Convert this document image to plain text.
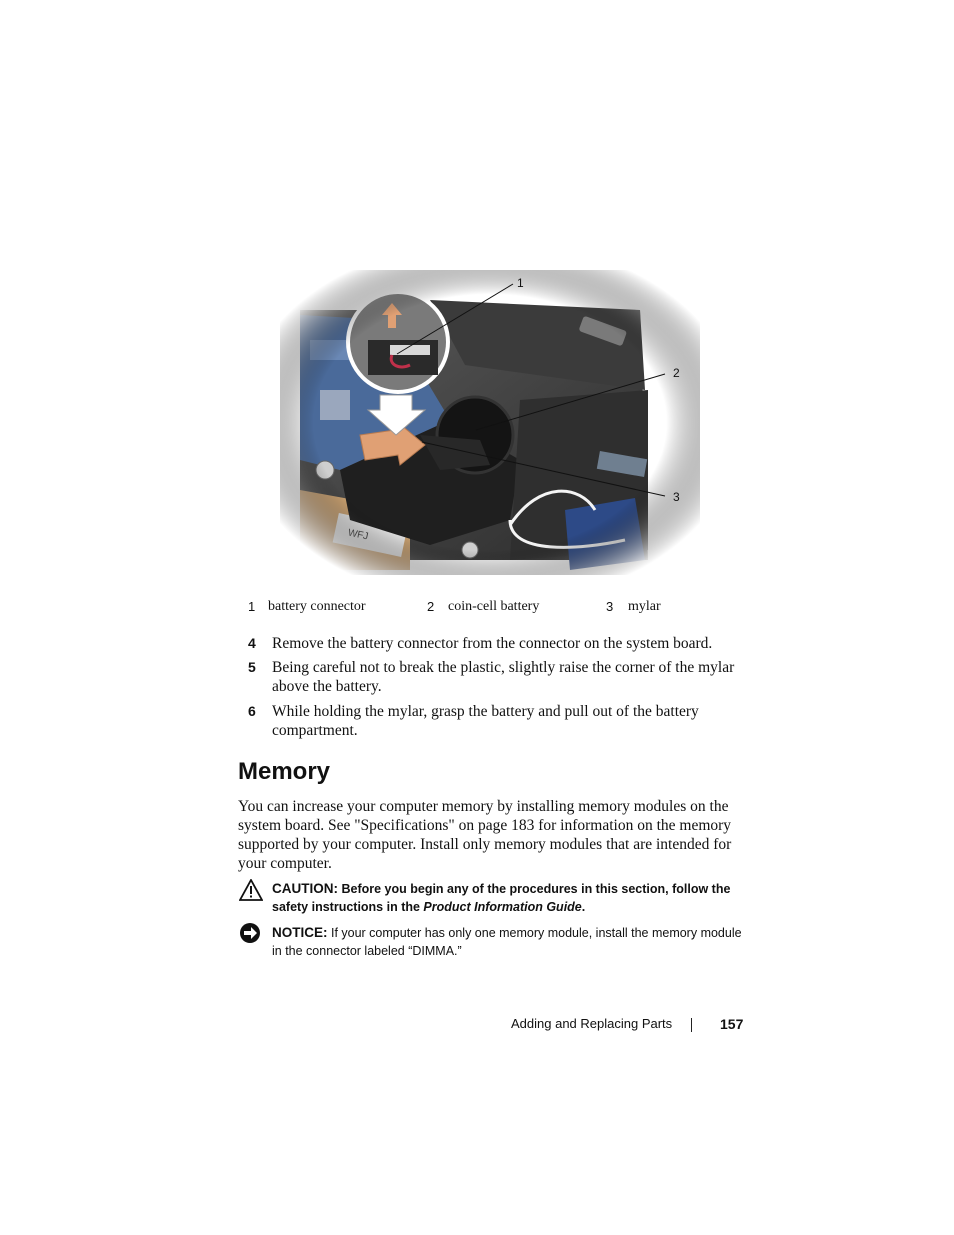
1
2
3
1 battery connector	2 coin-cell battery	3 mylar
4 Remove the battery connector from the connector on the system board.
5 Being careful not to break the plastic, slightly raise the corner of the mylar above the battery.
6 While holding the mylar, grasp the battery and pull out of the battery compartment.
Memory

You can increase your computer memory by installing memory modules on the system board. See "Specifications" on page 183 for information on the memory supported by your computer. Install only memory modules that are intended for your computer.

CAUTION: Before you begin any of the procedures in this section, follow the safety instructions in the Product Information Guide.
NOTICE: If your computer has only one memory module, install the memory module in the connector labeled “DIMMA.”
Adding and Replacing Parts	157
